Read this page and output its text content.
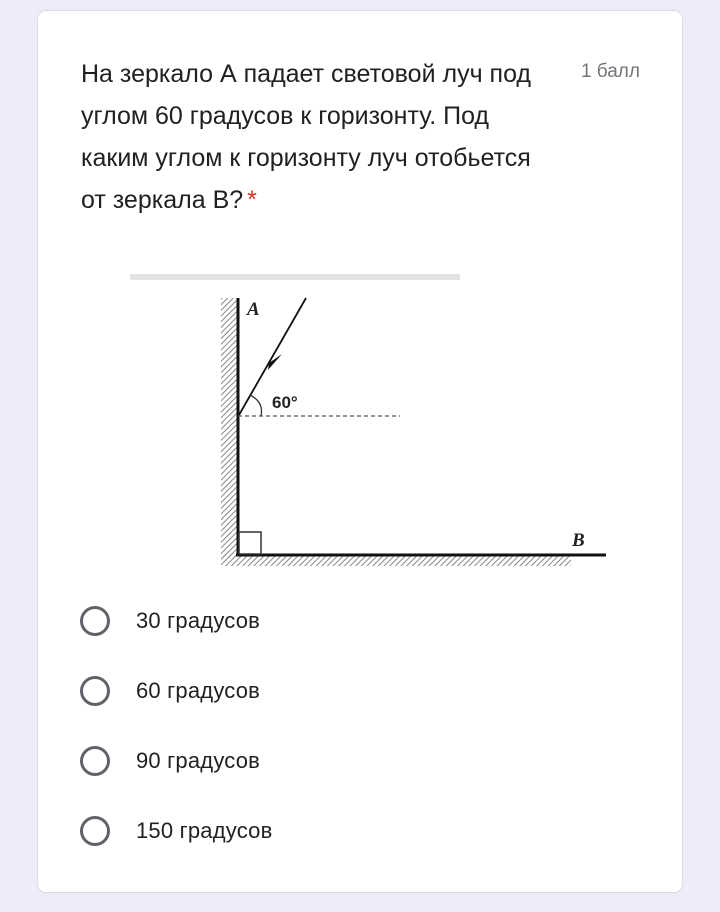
На зеркало А падает световой луч под углом 60 градусов к горизонту. Под каким углом к горизонту луч отобьется от зеркала В? *
1 балл
A
B
60°
30 градусов
60 градусов
90 градусов
150 градусов
